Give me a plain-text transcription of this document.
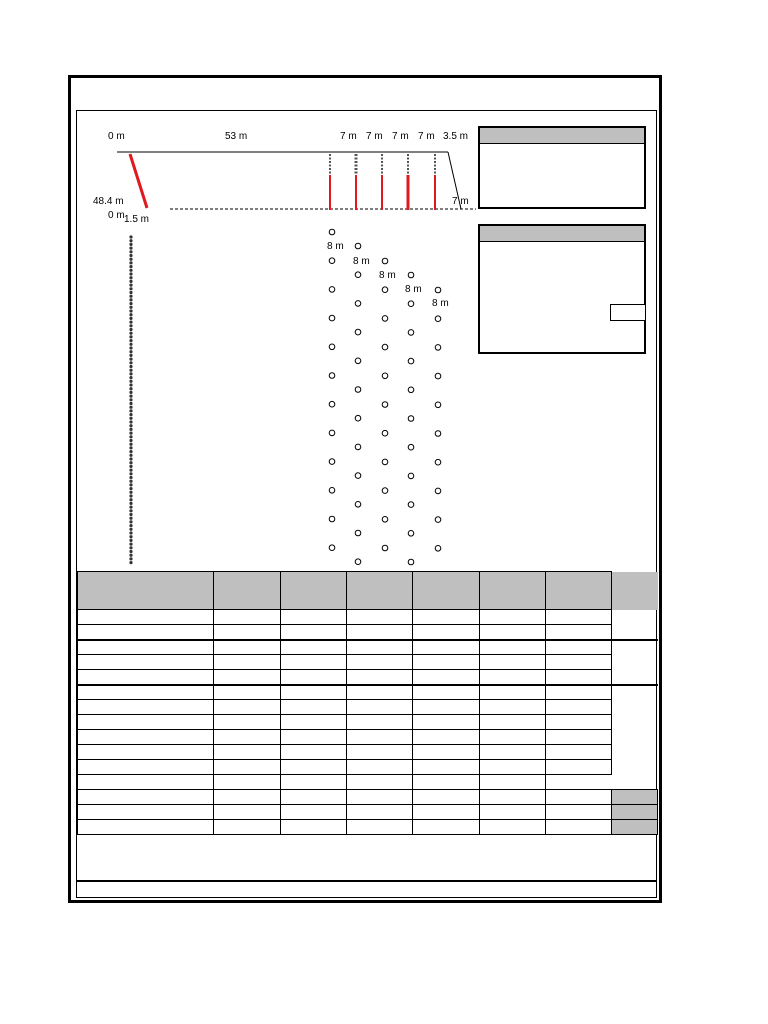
0 m	53 m	7 m 7 m 7 m 7 m 3.5 m
48.4 m
0 m 1.5 m
7 m
8 m
8 m
8 m
8 m
8 m
